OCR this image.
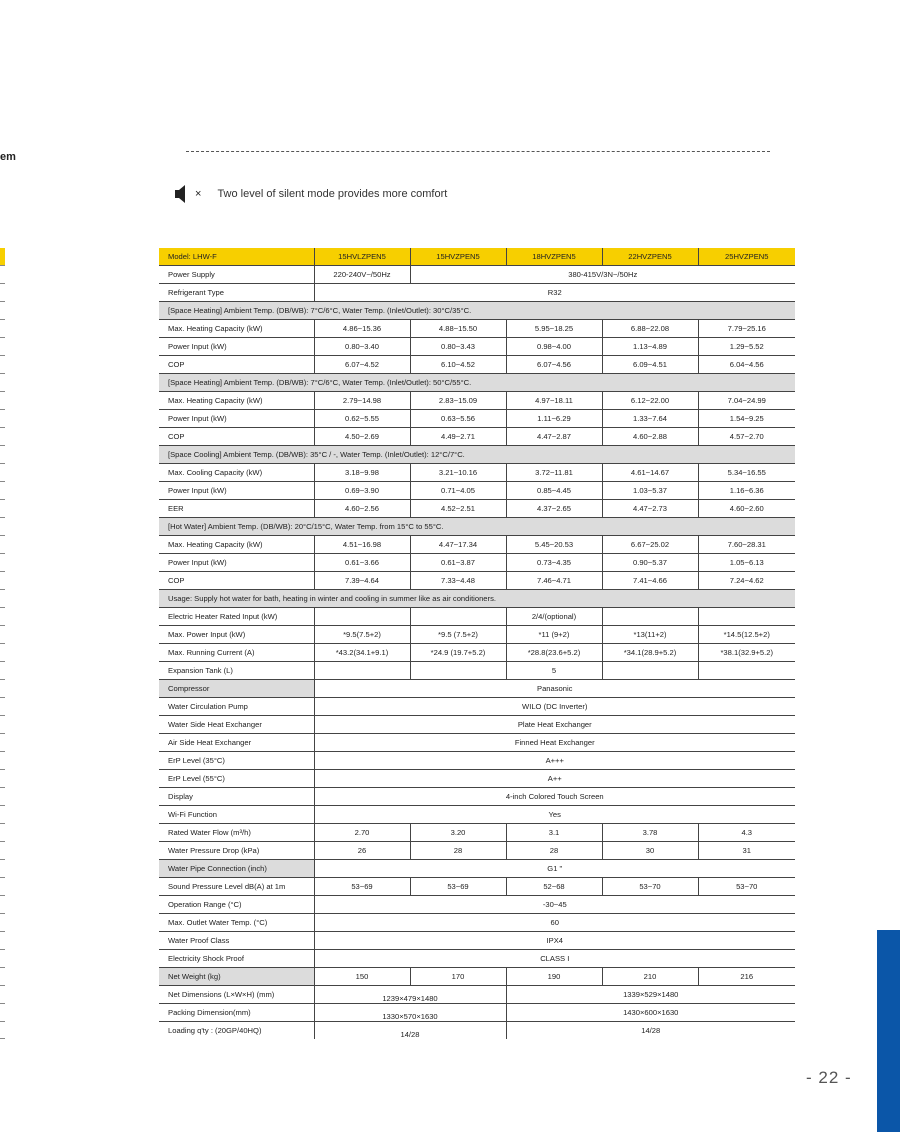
em
× Two level of silent mode provides more comfort
Model: LHW-F	15HVLZPEN5	15HVZPEN5	18HVZPEN5	22HVZPEN5	25HVZPEN5
Power Supply	220-240V~/50Hz	380-415V/3N~/50Hz			
Refrigerant Type	R32				
[Space Heating] Ambient Temp. (DB/WB): 7°C/6°C, Water Temp. (Inlet/Outlet): 30°C/35°C.					
Max. Heating Capacity (kW)	4.86~15.36	4.88~15.50	5.95~18.25	6.88~22.08	7.79~25.16
Power Input (kW)	0.80~3.40	0.80~3.43	0.98~4.00	1.13~4.89	1.29~5.52
COP	6.07~4.52	6.10~4.52	6.07~4.56	6.09~4.51	6.04~4.56
[Space Heating] Ambient Temp. (DB/WB): 7°C/6°C, Water Temp. (Inlet/Outlet): 50°C/55°C.					
Max. Heating Capacity (kW)	2.79~14.98	2.83~15.09	4.97~18.11	6.12~22.00	7.04~24.99
Power Input (kW)	0.62~5.55	0.63~5.56	1.11~6.29	1.33~7.64	1.54~9.25
COP	4.50~2.69	4.49~2.71	4.47~2.87	4.60~2.88	4.57~2.70
[Space Cooling] Ambient Temp. (DB/WB): 35°C / -, Water Temp. (Inlet/Outlet): 12°C/7°C.					
Max. Cooling Capacity (kW)	3.18~9.98	3.21~10.16	3.72~11.81	4.61~14.67	5.34~16.55
Power Input (kW)	0.69~3.90	0.71~4.05	0.85~4.45	1.03~5.37	1.16~6.36
EER	4.60~2.56	4.52~2.51	4.37~2.65	4.47~2.73	4.60~2.60
[Hot Water] Ambient Temp. (DB/WB): 20°C/15°C, Water Temp. from 15°C to 55°C.					
Max. Heating Capacity (kW)	4.51~16.98	4.47~17.34	5.45~20.53	6.67~25.02	7.60~28.31
Power Input (kW)	0.61~3.66	0.61~3.87	0.73~4.35	0.90~5.37	1.05~6.13
COP	7.39~4.64	7.33~4.48	7.46~4.71	7.41~4.66	7.24~4.62
Usage: Supply hot water for bath, heating in winter and cooling in summer like as air conditioners.					
Electric Heater Rated Input (kW)			2/4/(optional)		
Max. Power Input (kW)	*9.5(7.5+2)	*9.5 (7.5+2)	*11 (9+2)	*13(11+2)	*14.5(12.5+2)
Max. Running Current (A)	*43.2(34.1+9.1)	*24.9 (19.7+5.2)	*28.8(23.6+5.2)	*34.1(28.9+5.2)	*38.1(32.9+5.2)
Expansion Tank (L)			5		
Compressor	Panasonic				
Water Circulation Pump	WILO (DC Inverter)				
Water Side Heat Exchanger	Plate Heat Exchanger				
Air Side Heat Exchanger	Finned Heat Exchanger				
ErP Level (35°C)	A+++				
ErP Level (55°C)	A++				
Display	4-inch Colored Touch Screen				
Wi-Fi Function	Yes				
Rated Water Flow (m³/h)	2.70	3.20	3.1	3.78	4.3
Water Pressure Drop (kPa)	26	28	28	30	31
Water Pipe Connection (inch)	G1 "				
Sound Pressure Level dB(A) at 1m	53~69	53~69	52~68	53~70	53~70
Operation Range (°C)	-30~45				
Max. Outlet Water Temp. (°C)	60				
Water Proof Class	IPX4				
Electricity Shock Proof	CLASS I				
Net Weight (kg)	150	170	190	210	216
Net Dimensions (L×W×H) (mm)	1239×479×1480		1339×529×1480		
Packing Dimension(mm)	1330×570×1630		1430×600×1630		
Loading q'ty : (20GP/40HQ)	14/28		14/28		
- 22 -
